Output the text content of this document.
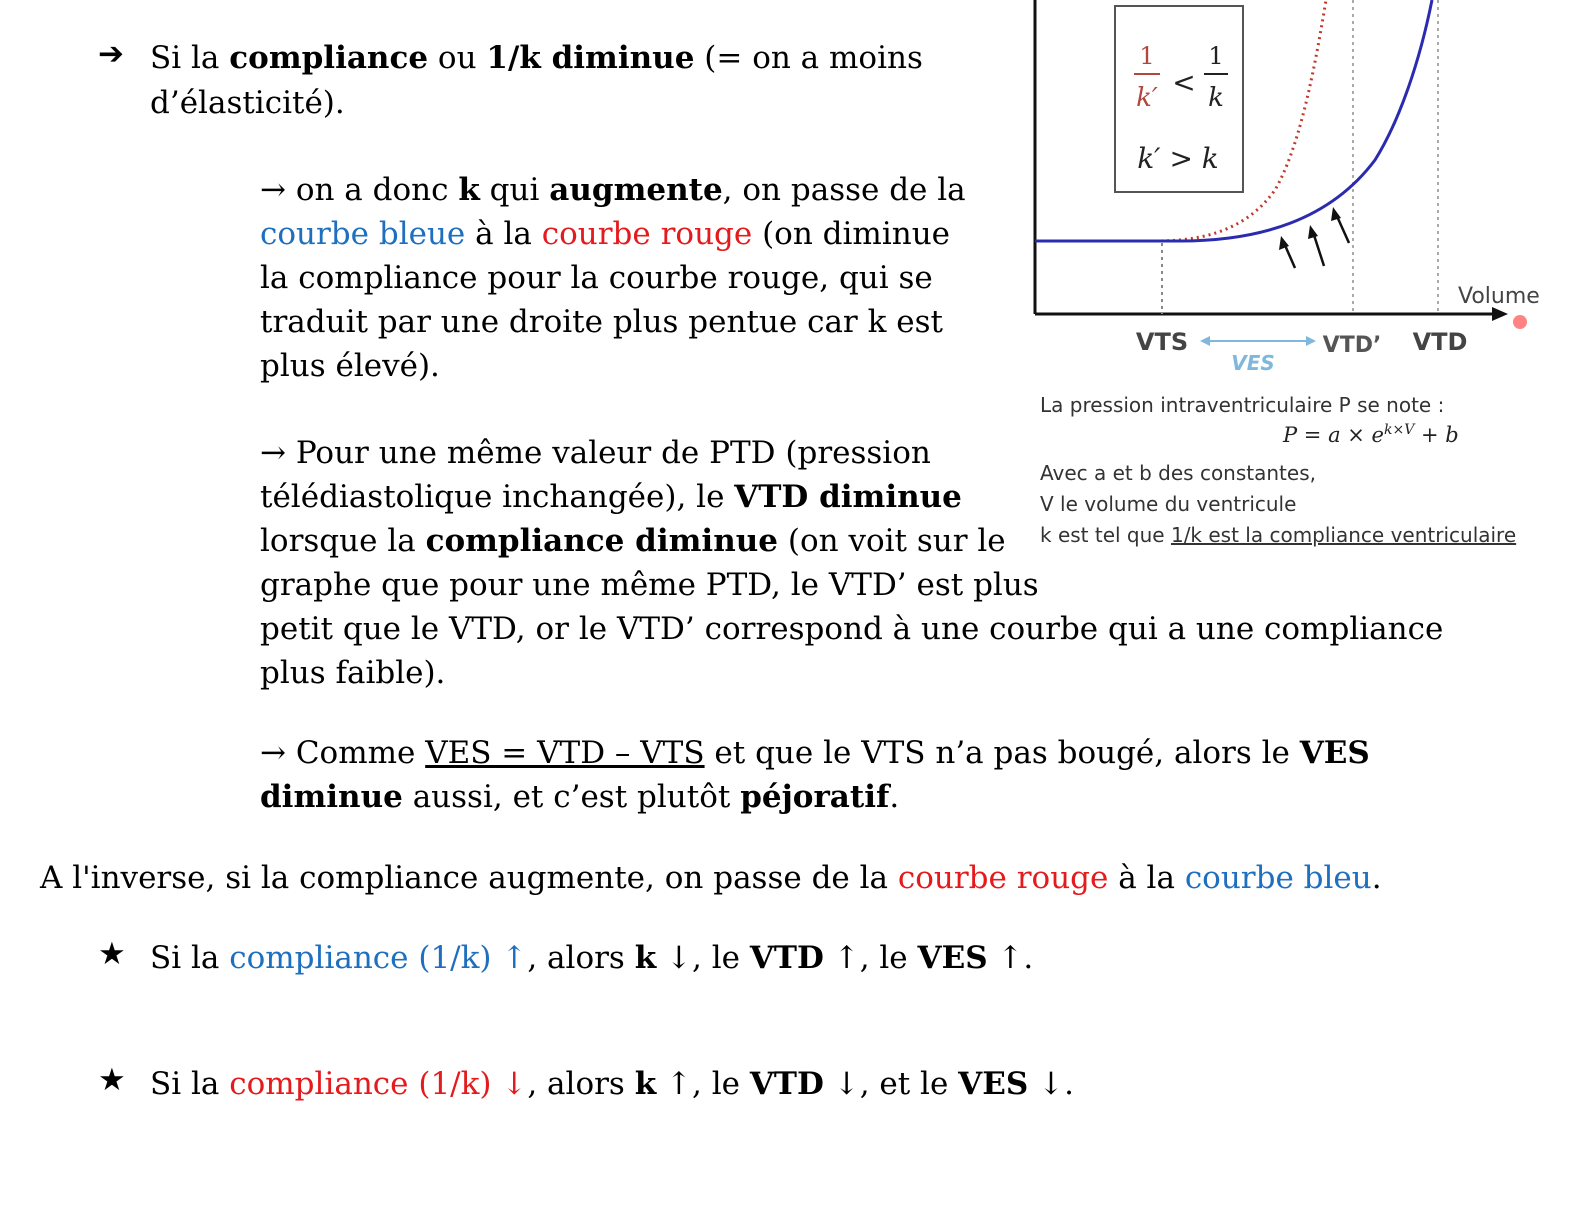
➔ Si la compliance ou 1/k diminue (= on a moins
d’élasticité).
→ on a donc k qui augmente, on passe de la
courbe bleue à la courbe rouge (on diminue
la compliance pour la courbe rouge, qui se
traduit par une droite plus pentue car k est
plus élevé).
→ Pour une même valeur de PTD (pression
télédiastolique inchangée), le VTD diminue
lorsque la compliance diminue (on voit sur le
graphe que pour une même PTD, le VTD’ est plus
petit que le VTD, or le VTD’ correspond à une courbe qui a une compliance
plus faible).
→ Comme VES = VTD – VTS et que le VTS n’a pas bougé, alors le VES
diminue aussi, et c’est plutôt péjoratif.
A l'inverse, si la compliance augmente, on passe de la courbe rouge à la courbe bleu.
★ Si la compliance (1/k) ↑, alors k ↓, le VTD ↑, le VES ↑.
★ Si la compliance (1/k) ↓, alors k ↑, le VTD ↓, et le VES ↓.
1
k′ <
1
k
k′ > k
Volume
VTS	VTD’ VTD
VES
La pression intraventriculaire P se note :
$P = a \times e^{k\times V} + b$
Avec a et b des constantes,
V le volume du ventricule
k est tel que 1/k est la compliance ventriculaire
